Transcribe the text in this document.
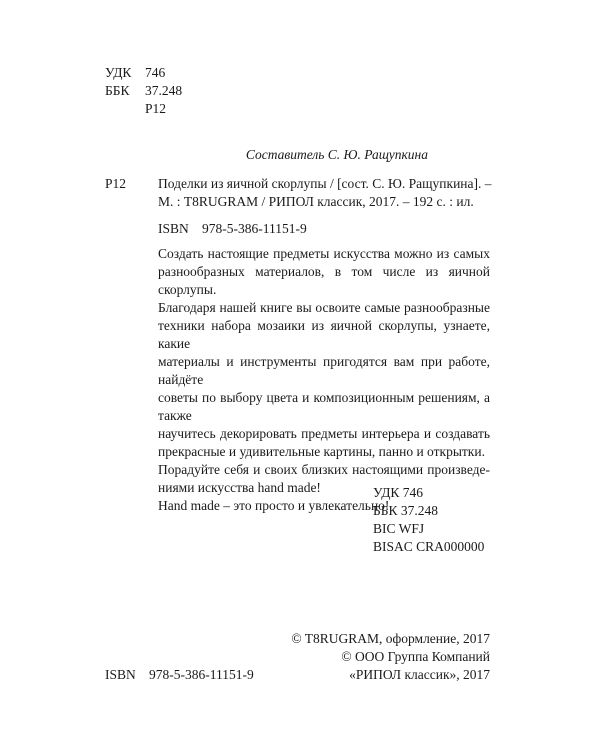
УДК	746
ББК	37.248
Р12
Составитель С. Ю. Ращупкина
Р12 Поделки из яичной скорлупы / [сост. С. Ю. Ращупкина]. –
М. : T8RUGRAM / РИПОЛ классик, 2017. – 192 с. : ил.
ISBN 978-5-386-11151-9
Создать настоящие предметы искусства можно из самых
разнообразных материалов, в том числе из яичной скорлупы.
Благодаря нашей книге вы освоите самые разнообразные
техники набора мозаики из яичной скорлупы, узнаете, какие
материалы и инструменты пригодятся вам при работе, найдёте
советы по выбору цвета и композиционным решениям, а также
научитесь декорировать предметы интерьера и создавать
прекрасные и удивительные картины, панно и открытки.
Порадуйте себя и своих близких настоящими произведе-
ниями искусства hand made!
Hand made – это просто и увлекательно!
УДК 746
ББК 37.248
BIC WFJ
BISAC CRA000000
© T8RUGRAM, оформление, 2017
© ООО Группа Компаний
«РИПОЛ классик», 2017
ISBN 978-5-386-11151-9
